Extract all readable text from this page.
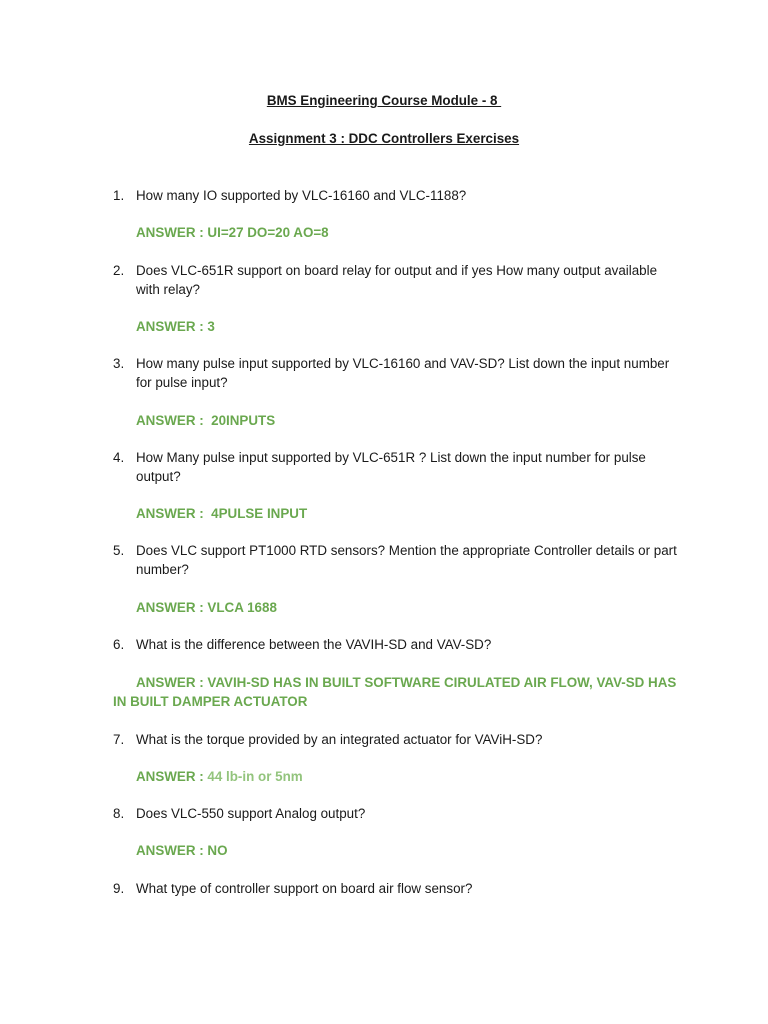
BMS Engineering Course Module - 8
Assignment 3 : DDC Controllers Exercises
1. How many IO supported by VLC-16160 and VLC-1188?
ANSWER : UI=27 DO=20 AO=8
2. Does VLC-651R support on board relay for output and if yes How many output available with relay?
ANSWER : 3
3. How many pulse input supported by VLC-16160 and VAV-SD? List down the input number for pulse input?
ANSWER :  20INPUTS
4. How Many pulse input supported by VLC-651R ? List down the input number for pulse output?
ANSWER :  4PULSE INPUT
5. Does VLC support PT1000 RTD sensors? Mention the appropriate Controller details or part number?
ANSWER : VLCA 1688
6. What is the difference between the VAVIH-SD and VAV-SD?
ANSWER : VAVIH-SD HAS IN BUILT SOFTWARE CIRULATED AIR FLOW, VAV-SD HAS IN BUILT DAMPER ACTUATOR
7. What is the torque provided by an integrated actuator for VAViH-SD?
ANSWER : 44 lb-in or 5nm
8. Does VLC-550 support Analog output?
ANSWER : NO
9. What type of controller support on board air flow sensor?
